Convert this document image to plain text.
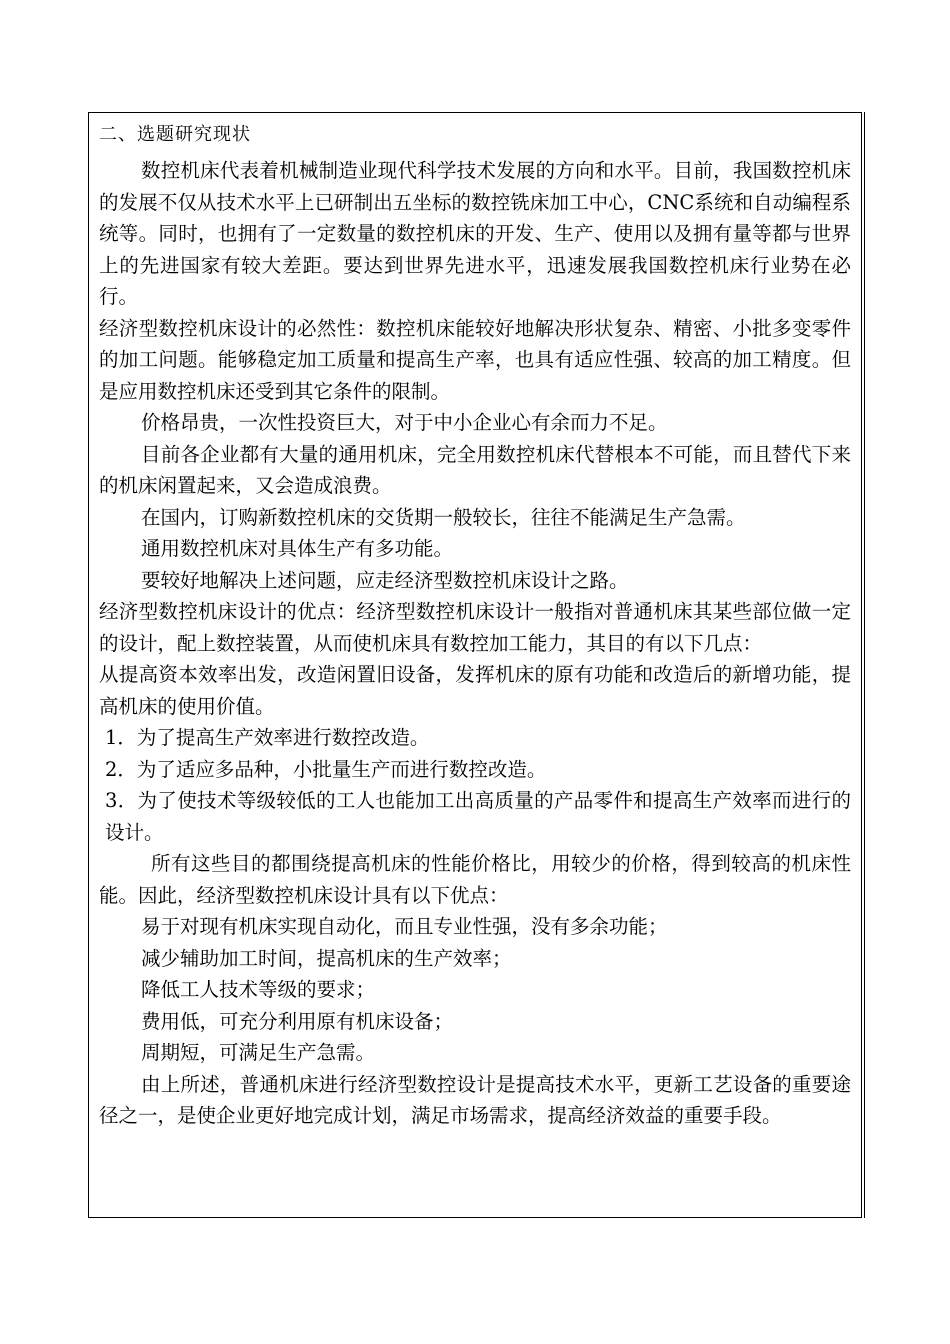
二、选题研究现状

数控机床代表着机械制造业现代科学技术发展的方向和水平。目前，我国数控机床的发展不仅从技术水平上已研制出五坐标的数控铣床加工中心，CNC系统和自动编程系统等。同时，也拥有了一定数量的数控机床的开发、生产、使用以及拥有量等都与世界上的先进国家有较大差距。要达到世界先进水平，迅速发展我国数控机床行业势在必行。

经济型数控机床设计的必然性：数控机床能较好地解决形状复杂、精密、小批多变零件的加工问题。能够稳定加工质量和提高生产率，也具有适应性强、较高的加工精度。但是应用数控机床还受到其它条件的限制。

价格昂贵，一次性投资巨大，对于中小企业心有余而力不足。

目前各企业都有大量的通用机床，完全用数控机床代替根本不可能，而且替代下来的机床闲置起来，又会造成浪费。

在国内，订购新数控机床的交货期一般较长，往往不能满足生产急需。

通用数控机床对具体生产有多功能。

要较好地解决上述问题，应走经济型数控机床设计之路。

经济型数控机床设计的优点：经济型数控机床设计一般指对普通机床其某些部位做一定的设计，配上数控装置，从而使机床具有数控加工能力，其目的有以下几点：

从提高资本效率出发，改造闲置旧设备，发挥机床的原有功能和改造后的新增功能，提高机床的使用价值。

1．为了提高生产效率进行数控改造。

2．为了适应多品种，小批量生产而进行数控改造。

3．为了使技术等级较低的工人也能加工出高质量的产品零件和提高生产效率而进行的设计。

所有这些目的都围绕提高机床的性能价格比，用较少的价格，得到较高的机床性能。因此，经济型数控机床设计具有以下优点：

易于对现有机床实现自动化，而且专业性强，没有多余功能；

减少辅助加工时间，提高机床的生产效率；

降低工人技术等级的要求；

费用低，可充分利用原有机床设备；

周期短，可满足生产急需。

由上所述，普通机床进行经济型数控设计是提高技术水平，更新工艺设备的重要途径之一，是使企业更好地完成计划，满足市场需求，提高经济效益的重要手段。
